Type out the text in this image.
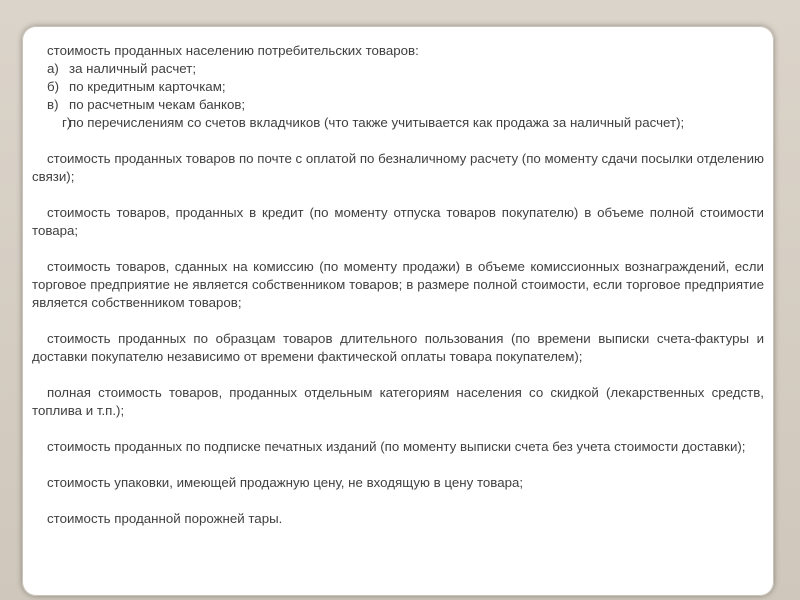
стоимость проданных населению потребительских товаров:

а) за наличный расчет;

б) по кредитным карточкам;

в) по расчетным чекам банков;

г)по перечислениям со счетов вкладчиков (что также учитывается как продажа за наличный расчет);

стоимость проданных товаров по почте с оплатой по безналичному расчету (по моменту сдачи посылки отделению связи);

стоимость товаров, проданных в кредит (по моменту отпуска товаров покупателю) в объеме полной стоимости товара;

стоимость товаров, сданных на комиссию (по моменту продажи) в объеме комиссионных вознаграждений, если торговое предприятие не является собственником товаров; в размере полной стоимости, если торговое предприятие является собственником товаров;

стоимость проданных по образцам товаров длительного пользования (по времени выписки счета-фактуры и доставки покупателю независимо от времени фактической оплаты товара покупателем);

полная стоимость товаров, проданных отдельным категориям населения со скидкой (лекарственных средств, топлива и т.п.);

стоимость проданных по подписке печатных изданий (по моменту выписки счета без учета стоимости доставки);

стоимость упаковки, имеющей продажную цену, не входящую в цену товара;

стоимость проданной порожней тары.
